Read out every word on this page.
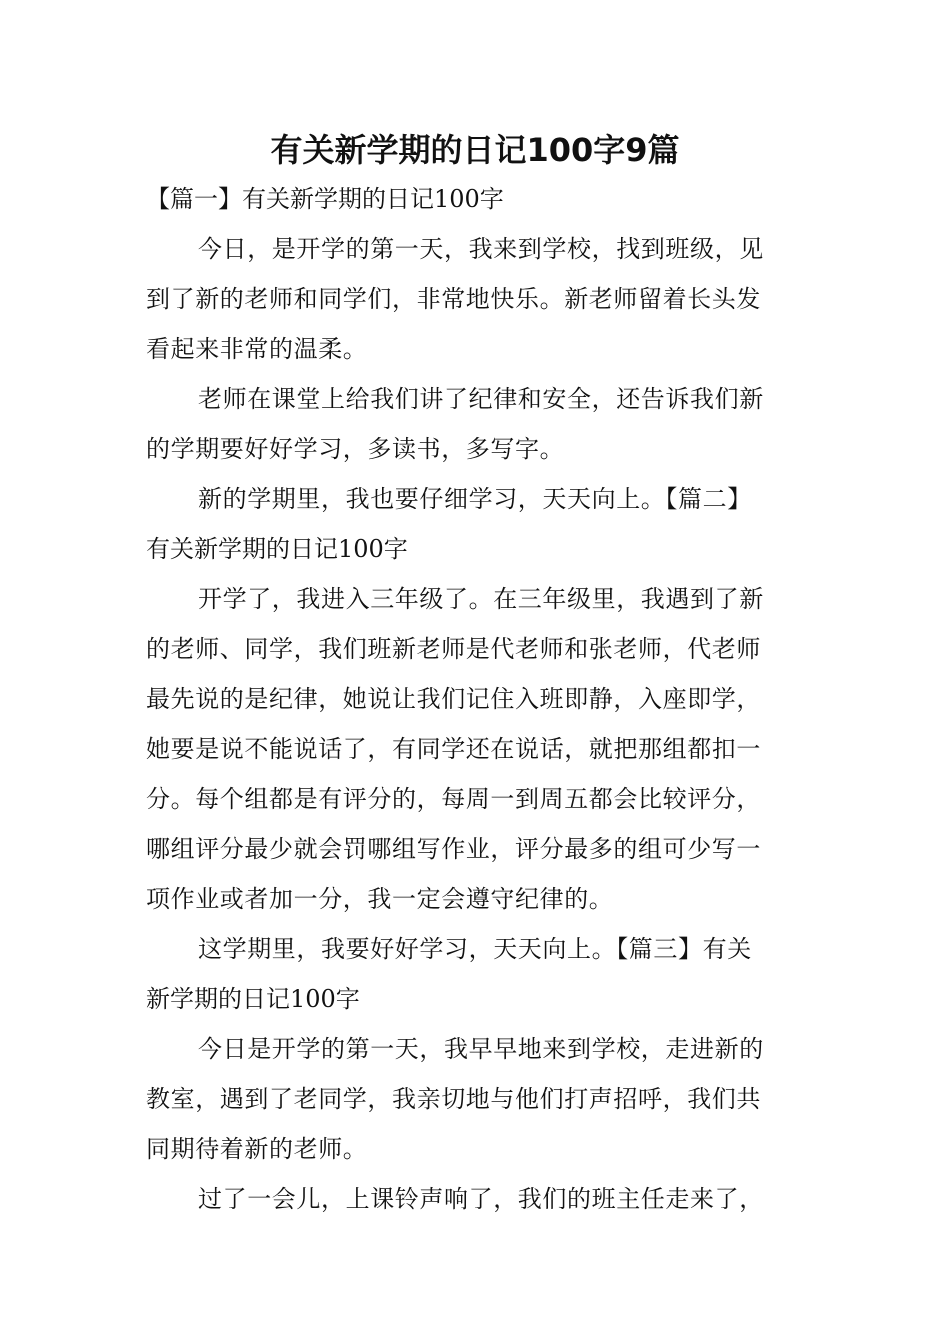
有关新学期的日记100字9篇
【篇一】有关新学期的日记100字
今日，是开学的第一天，我来到学校，找到班级，见
到了新的老师和同学们，非常地快乐。新老师留着长头发
看起来非常的温柔。
老师在课堂上给我们讲了纪律和安全，还告诉我们新
的学期要好好学习，多读书，多写字。
新的学期里，我也要仔细学习，天天向上。【篇二】
有关新学期的日记100字
开学了，我进入三年级了。在三年级里，我遇到了新
的老师、同学，我们班新老师是代老师和张老师，代老师
最先说的是纪律，她说让我们记住入班即静，入座即学，
她要是说不能说话了，有同学还在说话，就把那组都扣一
分。每个组都是有评分的，每周一到周五都会比较评分，
哪组评分最少就会罚哪组写作业，评分最多的组可少写一
项作业或者加一分，我一定会遵守纪律的。
这学期里，我要好好学习，天天向上。【篇三】有关
新学期的日记100字
今日是开学的第一天，我早早地来到学校，走进新的
教室，遇到了老同学，我亲切地与他们打声招呼，我们共
同期待着新的老师。
过了一会儿，上课铃声响了，我们的班主任走来了，
